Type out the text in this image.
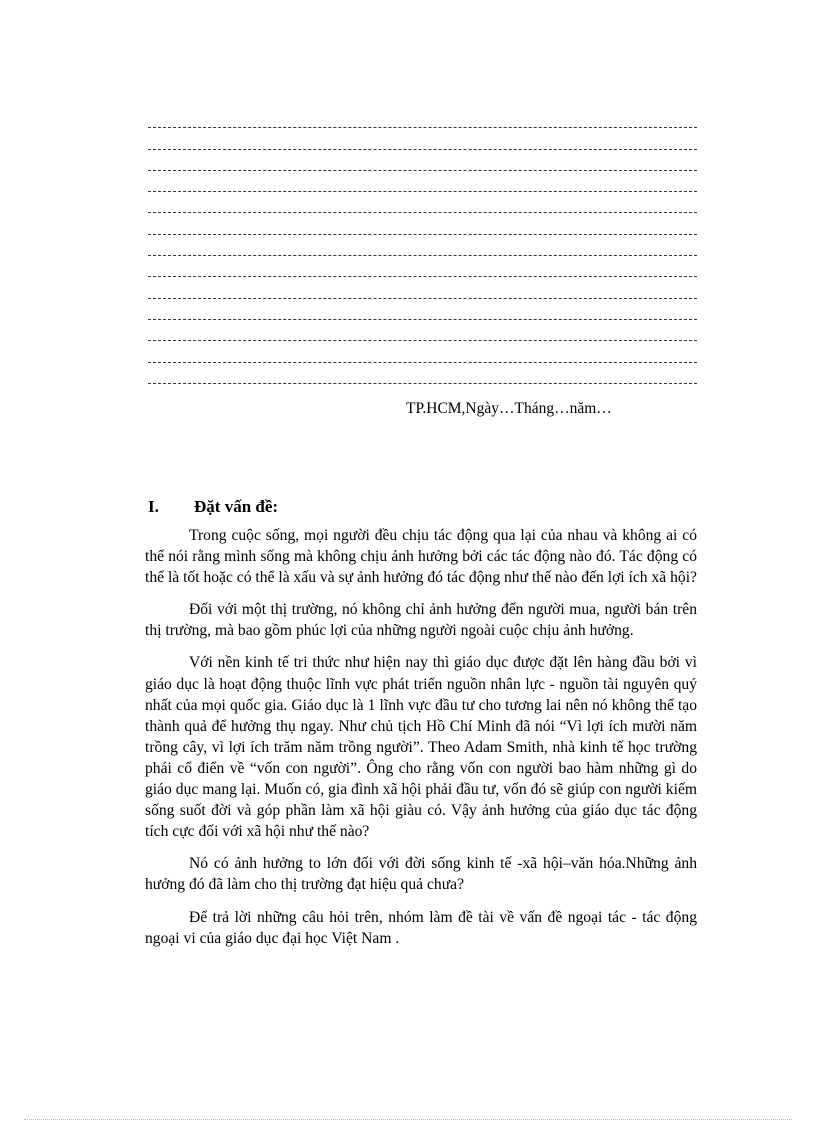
TP.HCM,Ngày…Tháng…năm…
I. Đặt vấn đề:

Trong cuộc sống, mọi người đều chịu tác động qua lại của nhau và không ai có thể nói rằng mình sống mà không chịu ảnh hưởng bởi các tác động nào đó. Tác động có thể là tốt hoặc có thể là xấu và sự ảnh hưởng đó tác động như thế nào đến lợi ích xã hội?

Đối với một thị trường, nó không chỉ ảnh hưởng đến người mua, người bán trên thị trường, mà bao gồm phúc lợi của những người ngoài cuộc chịu ảnh hưởng.

Với nền kinh tế tri thức như hiện nay thì giáo dục được đặt lên hàng đầu bởi vì giáo dục là hoạt động thuộc lĩnh vực phát triển nguồn nhân lực - nguồn tài nguyên quý nhất của mọi quốc gia. Giáo dục là 1 lĩnh vực đầu tư cho tương lai nên nó không thể tạo thành quả để hưởng thụ ngay. Như chủ tịch Hồ Chí Minh đã nói “Vì lợi ích mười năm trồng cây, vì lợi ích trăm năm trồng người”. Theo Adam Smith, nhà kinh tế học trường phái cổ điển về “vốn con người”. Ông cho rằng vốn con người bao hàm những gì do giáo dục mang lại. Muốn có, gia đình xã hội phải đầu tư, vốn đó sẽ giúp con người kiếm sống suốt đời và góp phần làm xã hội giàu có. Vậy ảnh hưởng của giáo dục tác động tích cực đối với xã hội như thế nào?

Nó có ảnh hưởng to lớn đối với đời sống kinh tế -xã hội–văn hóa.Những ảnh hưởng đó đã làm cho thị trường đạt hiệu quả chưa?

Để trả lời những câu hỏi trên, nhóm làm đề tài về vấn đề ngoại tác - tác động ngoại vi của giáo dục đại học Việt Nam .
